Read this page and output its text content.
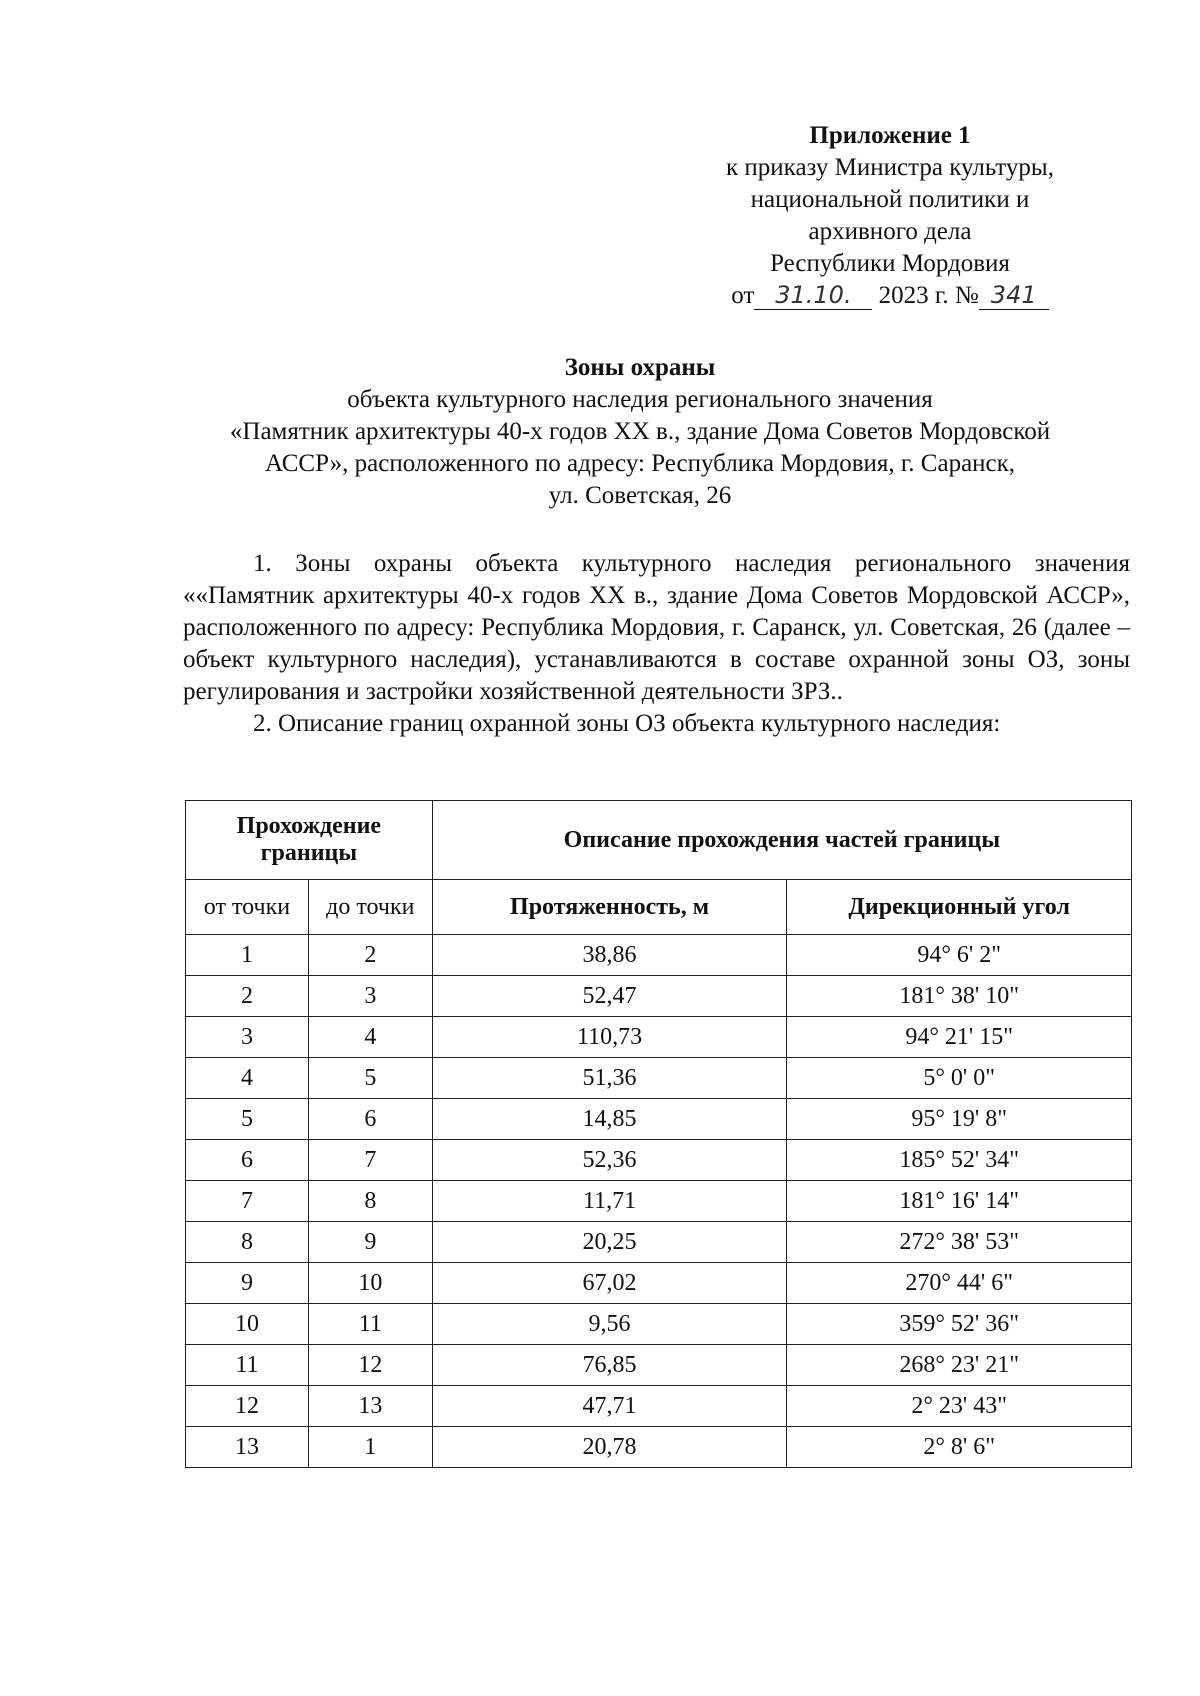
Приложение 1
к приказу Министра культуры,
национальной политики и
архивного дела
Республики Мордовия
от 31.10. 2023 г. № 341
Зоны охраны
объекта культурного наследия регионального значения
«Памятник архитектуры 40-х годов XX в., здание Дома Советов Мордовской
АССР», расположенного по адресу: Республика Мордовия, г. Саранск,
ул. Советская, 26

1. Зоны охраны объекта культурного наследия регионального значения ««Памятник архитектуры 40-х годов XX в., здание Дома Советов Мордовской АССР», расположенного по адресу: Республика Мордовия, г. Саранск, ул. Советская, 26 (далее – объект культурного наследия), устанавливаются в составе охранной зоны ОЗ, зоны регулирования и застройки хозяйственной деятельности ЗРЗ..

2. Описание границ охранной зоны ОЗ объекта культурного наследия:

Прохождение границы		Описание прохождения частей границы	
от точки	до точки	Протяженность, м	Дирекционный угол
1	2	38,86	94° 6' 2"
2	3	52,47	181° 38' 10"
3	4	110,73	94° 21' 15"
4	5	51,36	5° 0' 0"
5	6	14,85	95° 19' 8"
6	7	52,36	185° 52' 34"
7	8	11,71	181° 16' 14"
8	9	20,25	272° 38' 53"
9	10	67,02	270° 44' 6"
10	11	9,56	359° 52' 36"
11	12	76,85	268° 23' 21"
12	13	47,71	2° 23' 43"
13	1	20,78	2° 8' 6"
